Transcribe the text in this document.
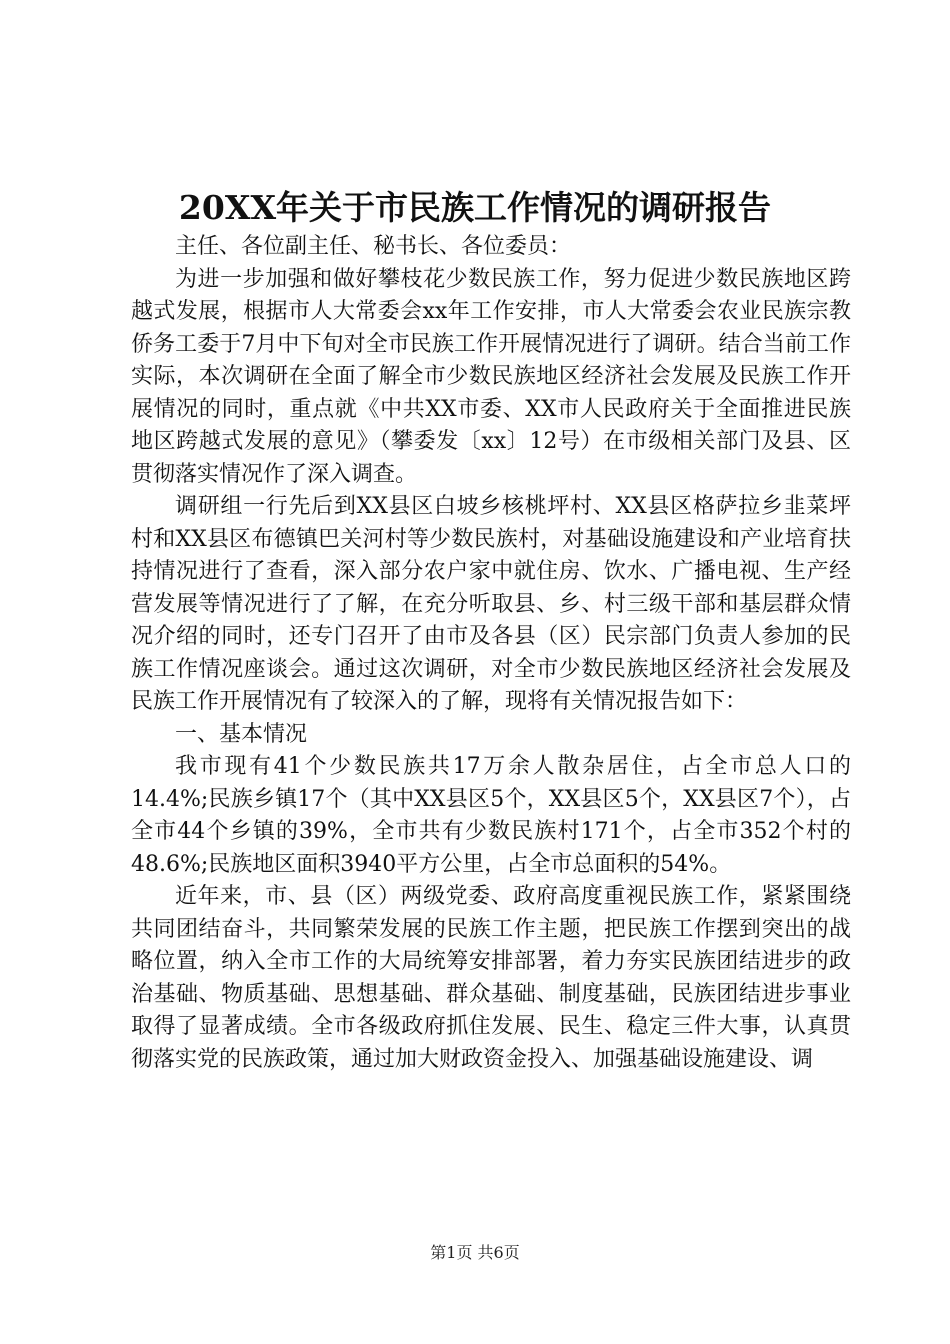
20XX年关于市民族工作情况的调研报告

主任、各位副主任、秘书长、各位委员：

为进一步加强和做好攀枝花少数民族工作，努力促进少数民族地区跨越式发展，根据市人大常委会xx年工作安排，市人大常委会农业民族宗教侨务工委于7月中下旬对全市民族工作开展情况进行了调研。结合当前工作实际，本次调研在全面了解全市少数民族地区经济社会发展及民族工作开展情况的同时，重点就《中共XX市委、XX市人民政府关于全面推进民族地区跨越式发展的意见》（攀委发〔xx〕12号）在市级相关部门及县、区贯彻落实情况作了深入调查。

调研组一行先后到XX县区白坡乡核桃坪村、XX县区格萨拉乡韭菜坪村和XX县区布德镇巴关河村等少数民族村，对基础设施建设和产业培育扶持情况进行了查看，深入部分农户家中就住房、饮水、广播电视、生产经营发展等情况进行了了解，在充分听取县、乡、村三级干部和基层群众情况介绍的同时，还专门召开了由市及各县（区）民宗部门负责人参加的民族工作情况座谈会。通过这次调研，对全市少数民族地区经济社会发展及民族工作开展情况有了较深入的了解，现将有关情况报告如下：

一、基本情况

我市现有41个少数民族共17万余人散杂居住，占全市总人口的14.4%;民族乡镇17个（其中XX县区5个，XX县区5个，XX县区7个），占全市44个乡镇的39%，全市共有少数民族村171个，占全市352个村的48.6%;民族地区面积3940平方公里，占全市总面积的54%。

近年来，市、县（区）两级党委、政府高度重视民族工作，紧紧围绕共同团结奋斗，共同繁荣发展的民族工作主题，把民族工作摆到突出的战略位置，纳入全市工作的大局统筹安排部署，着力夯实民族团结进步的政治基础、物质基础、思想基础、群众基础、制度基础，民族团结进步事业取得了显著成绩。全市各级政府抓住发展、民生、稳定三件大事，认真贯彻落实党的民族政策，通过加大财政资金投入、加强基础设施建设、调

第1页 共6页
